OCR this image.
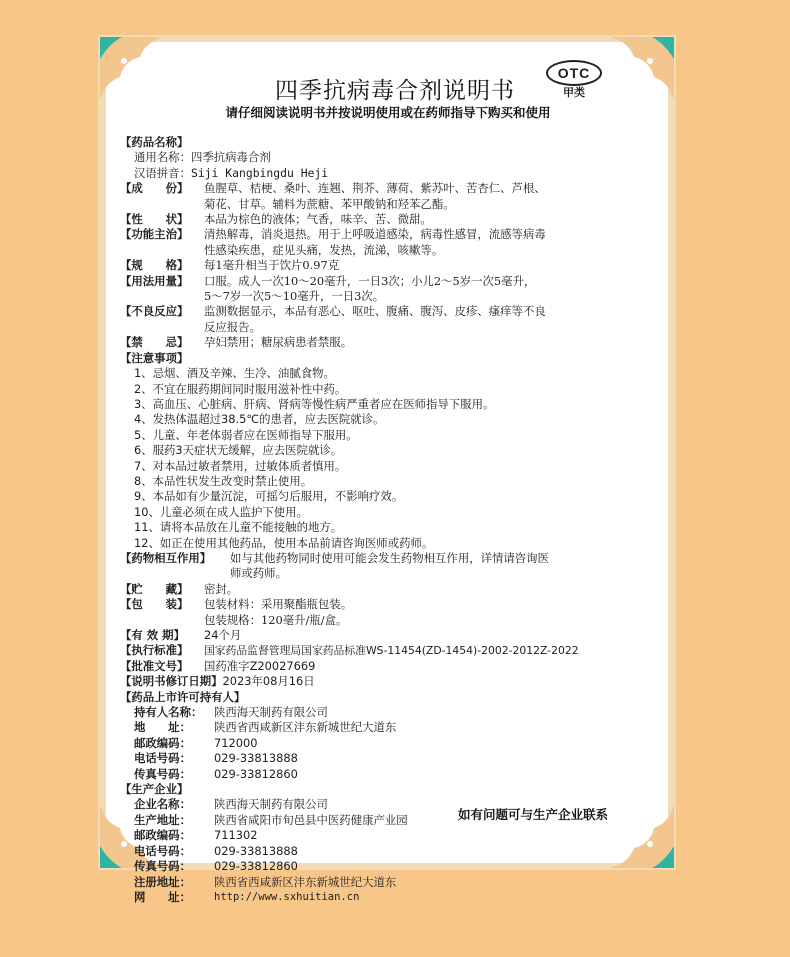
四季抗病毒合剂说明书
OTC
甲类
请仔细阅读说明书并按说明使用或在药师指导下购买和使用
【药品名称】
通用名称： 四季抗病毒合剂
汉语拼音： Siji Kangbingdu Heji
【成　　份】	鱼腥草、桔梗、桑叶、连翘、荆芥、薄荷、紫苏叶、苦杏仁、芦根、
菊花、甘草。辅料为蔗糖、苯甲酸钠和羟苯乙酯。
【性　　状】	本品为棕色的液体；气香，味辛、苦、微甜。
【功能主治】	清热解毒，消炎退热。用于上呼吸道感染，病毒性感冒，流感等病毒
性感染疾患，症见头痛，发热，流涕，咳嗽等。
【规　　格】	每1毫升相当于饮片0.97克
【用法用量】	口服。成人一次10～20毫升，一日3次；小儿2～5岁一次5毫升，
5～7岁一次5～10毫升，一日3次。
【不良反应】	监测数据显示，本品有恶心、呕吐、腹痛、腹泻、皮疹、瘙痒等不良
反应报告。
【禁　　忌】	孕妇禁用；糖尿病患者禁服。
【注意事项】
1、忌烟、酒及辛辣、生冷、油腻食物。
2、不宜在服药期间同时服用滋补性中药。
3、高血压、心脏病、肝病、肾病等慢性病严重者应在医师指导下服用。
4、发热体温超过38.5℃的患者，应去医院就诊。
5、儿童、年老体弱者应在医师指导下服用。
6、服药3天症状无缓解，应去医院就诊。
7、对本品过敏者禁用，过敏体质者慎用。
8、本品性状发生改变时禁止使用。
9、本品如有少量沉淀，可摇匀后服用，不影响疗效。
10、儿童必须在成人监护下使用。
11、请将本品放在儿童不能接触的地方。
12、如正在使用其他药品，使用本品前请咨询医师或药师。
【药物相互作用】	如与其他药物同时使用可能会发生药物相互作用，详情请咨询医
师或药师。
【贮　　藏】	密封。
【包　　装】	包装材料：采用聚酯瓶包装。
包装规格：120毫升/瓶/盒。
【有 效 期】	24个月
【执行标准】	国家药品监督管理局国家药品标准WS-11454(ZD-1454)-2002-2012Z-2022
【批准文号】	国药准字Z20027669
【说明书修订日期】 2023年08月16日
【药品上市许可持有人】
持有人名称：	陕西海天制药有限公司
地　　址：	陕西省西咸新区沣东新城世纪大道东
邮政编码：	712000
电话号码：	029-33813888
传真号码：	029-33812860
【生产企业】
企业名称：	陕西海天制药有限公司
生产地址：	陕西省咸阳市旬邑县中医药健康产业园
邮政编码：	711302
电话号码：	029-33813888
传真号码：	029-33812860
注册地址：	陕西省西咸新区沣东新城世纪大道东
网　　址：	http://www.sxhuitian.cn
如有问题可与生产企业联系
